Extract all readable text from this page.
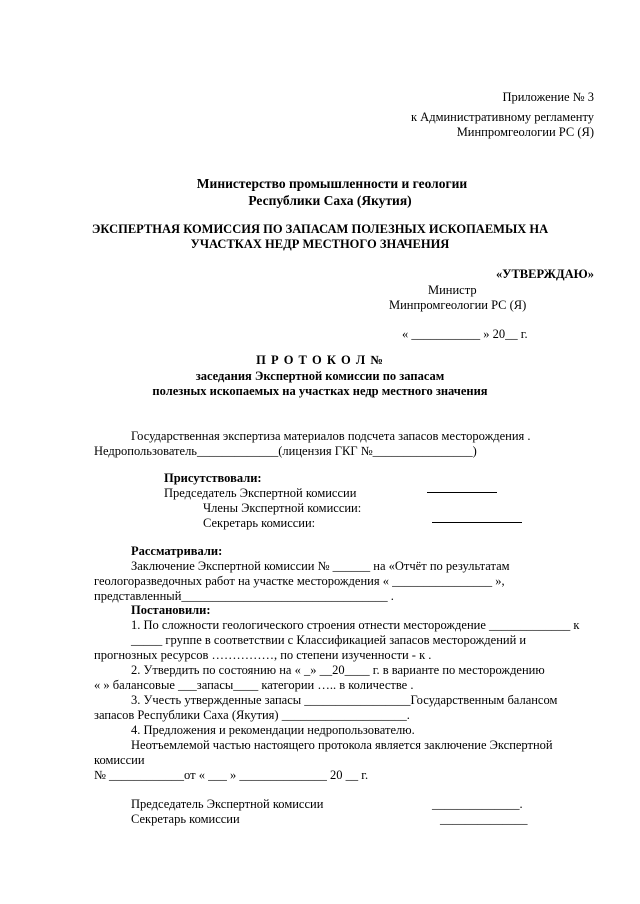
Приложение № 3
к Административному регламенту
Минпромгеологии РС (Я)
Министерство промышленности и геологии
Республики Саха (Якутия)
ЭКСПЕРТНАЯ КОМИССИЯ ПО ЗАПАСАМ ПОЛЕЗНЫХ ИСКОПАЕМЫХ НА
УЧАСТКАХ НЕДР МЕСТНОГО ЗНАЧЕНИЯ
«УТВЕРЖДАЮ»
Министр
Минпромгеологии РС (Я)
« ___________ » 20__ г.
П Р О Т О К О Л №
заседания Экспертной комиссии по запасам
полезных ископаемых на участках недр местного значения
Государственная экспертиза материалов подсчета запасов месторождения .
Недропользователь_____________(лицензия ГКГ №________________)
Присутствовали:
Председатель Экспертной комиссии
Члены Экспертной комиссии:
Секретарь комиссии:
Рассматривали:
Заключение Экспертной комиссии № ______ на «Отчёт по результатам
геологоразведочных работ на участке месторождения « ________________ »,
представленный_________________________________ .
Постановили:
1. По сложности геологического строения отнести месторождение _____________ к
_____ группе в соответствии с Классификацией запасов месторождений и
прогнозных ресурсов ……………, по степени изученности - к .
2. Утвердить по состоянию на « _» __20____ г. в варианте по месторождению
« » балансовые ___запасы____ категории ….. в количестве .
3. Учесть утвержденные запасы _________________Государственным балансом
запасов Республики Саха (Якутия) ____________________.
4. Предложения и рекомендации недропользователю.
Неотъемлемой частью настоящего протокола является заключение Экспертной
комиссии
№ ____________от « ___ » ______________ 20 __ г.
Председатель Экспертной комиссии	______________.
Секретарь комиссии	______________
